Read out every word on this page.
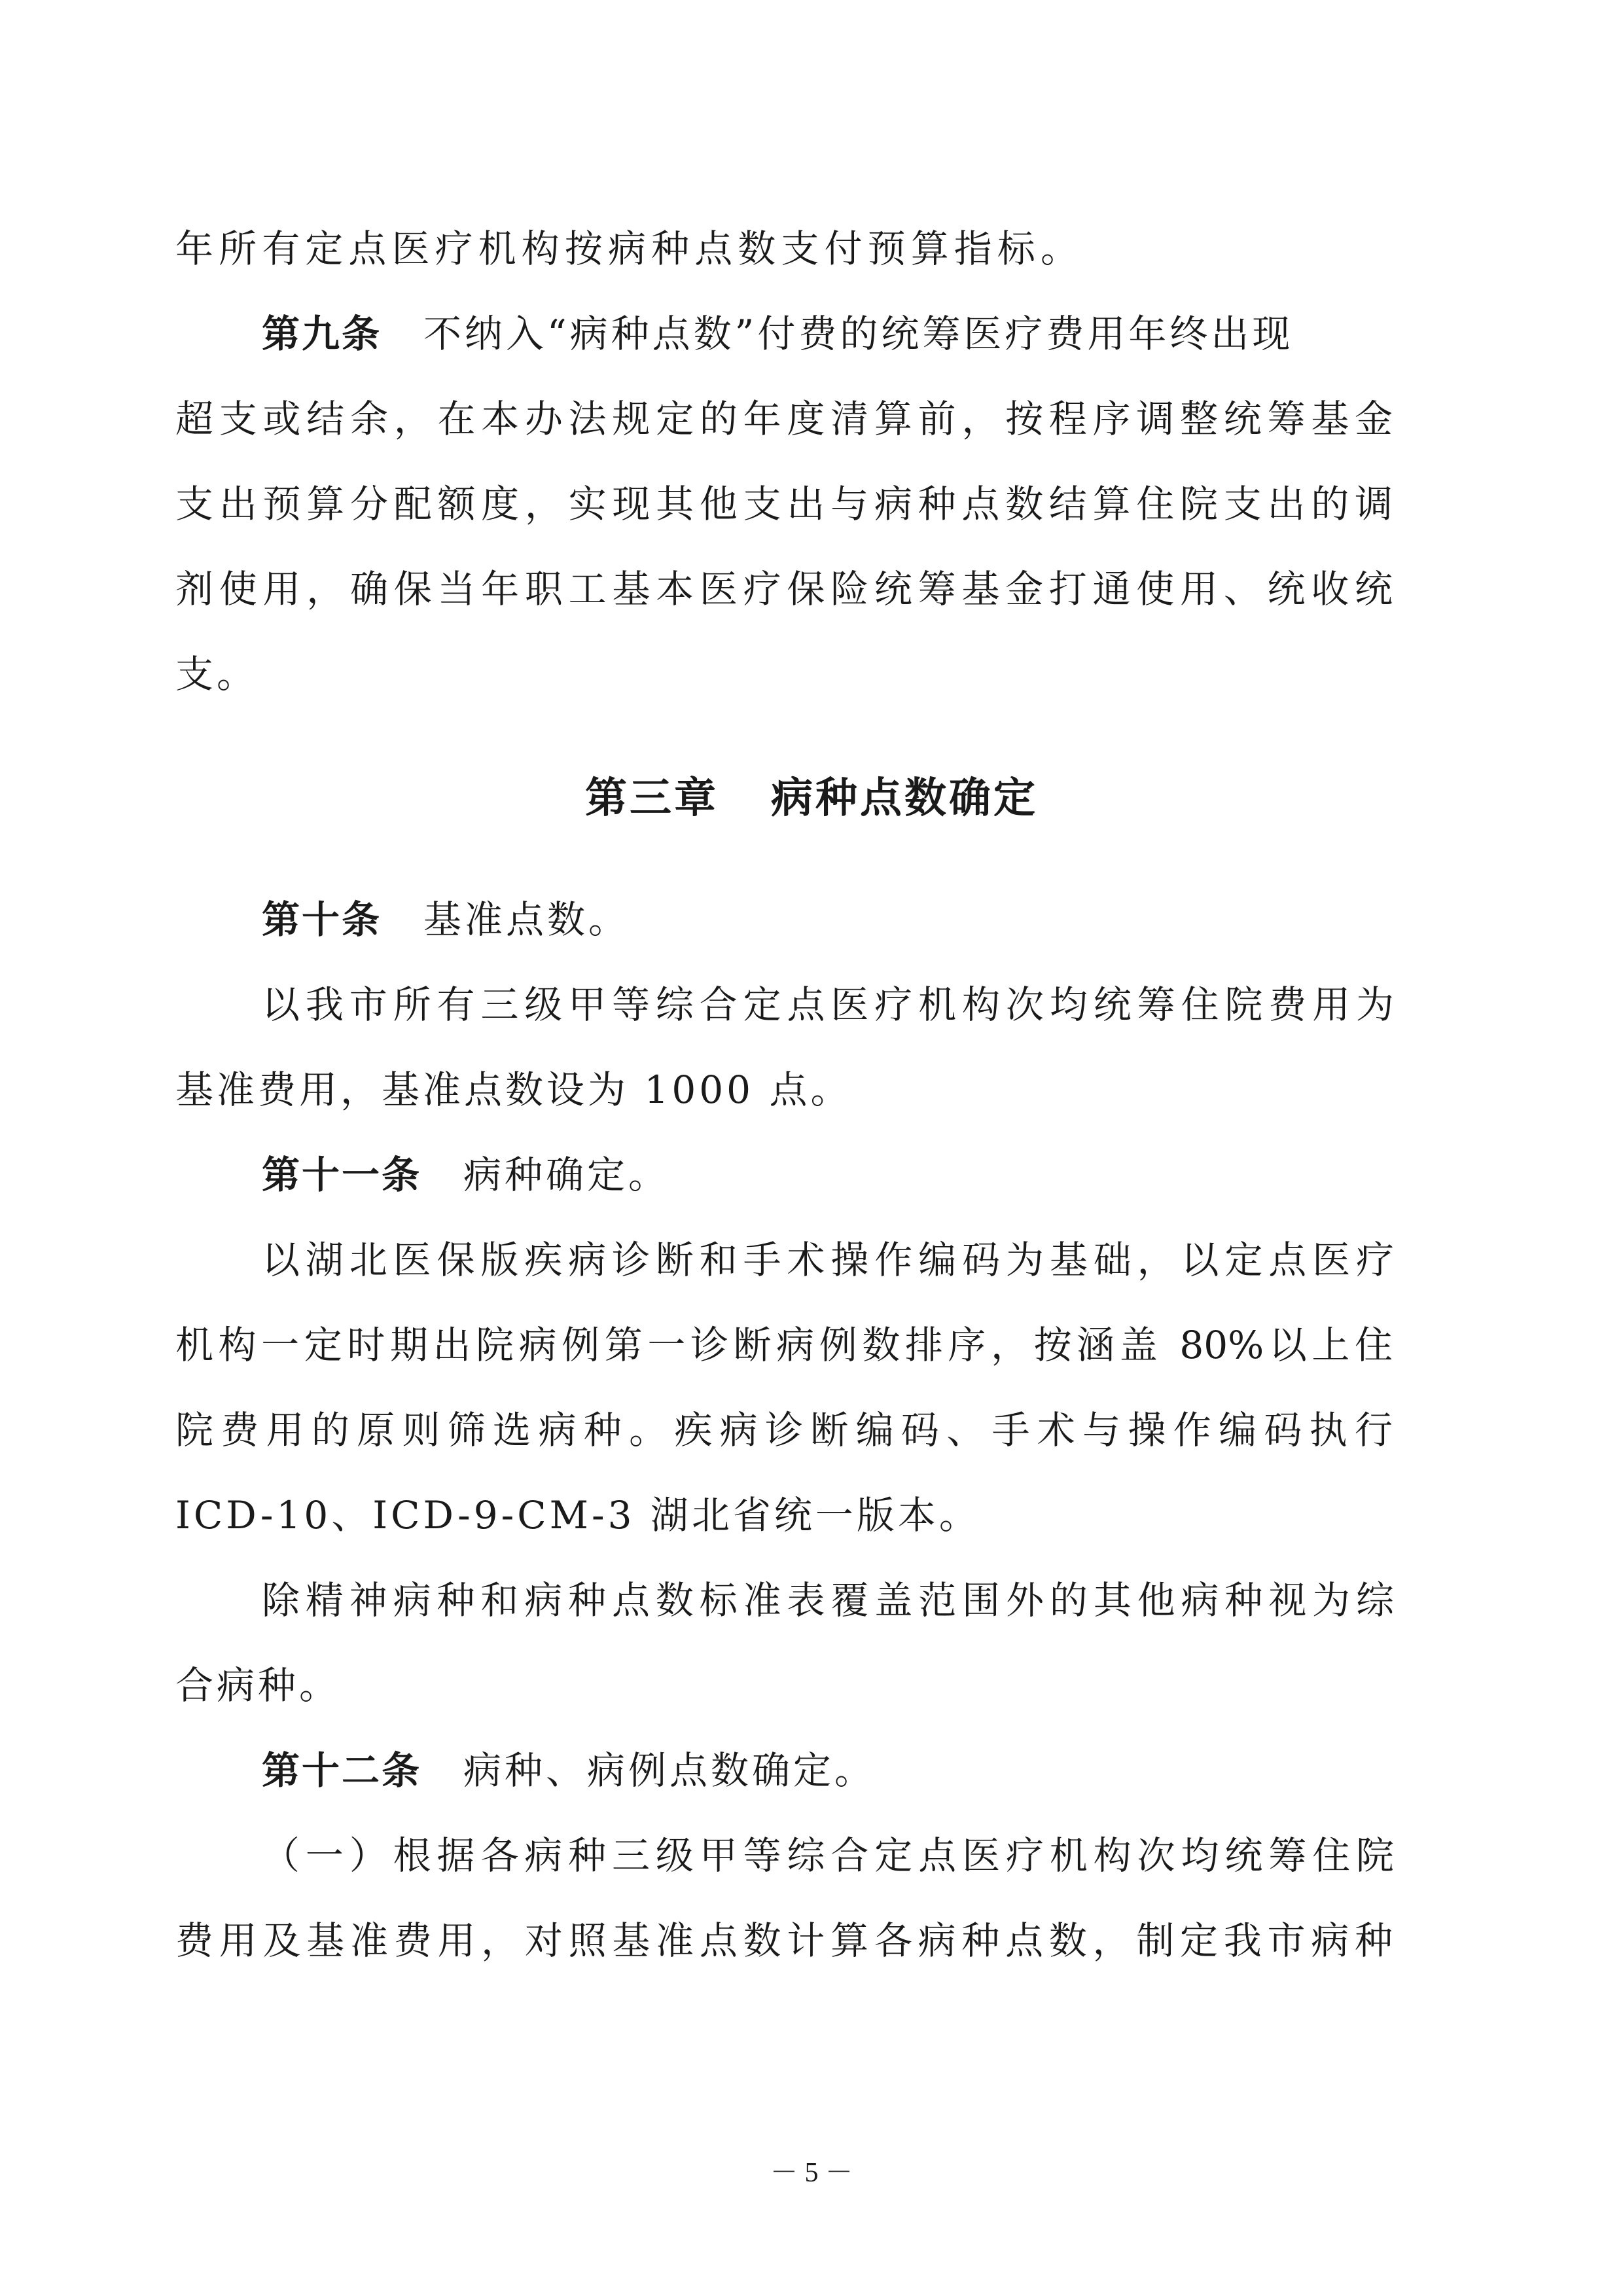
年所有定点医疗机构按病种点数支付预算指标。
第九条 不纳入“病种点数”付费的统筹医疗费用年终出现
超支或结余，在本办法规定的年度清算前，按程序调整统筹基金
支出预算分配额度，实现其他支出与病种点数结算住院支出的调
剂使用，确保当年职工基本医疗保险统筹基金打通使用、统收统
支。
第三章 病种点数确定
第十条 基准点数。
以我市所有三级甲等综合定点医疗机构次均统筹住院费用为
基准费用，基准点数设为 1000 点。
第十一条 病种确定。
以湖北医保版疾病诊断和手术操作编码为基础，以定点医疗
机构一定时期出院病例第一诊断病例数排序，按涵盖 80%以上住
院费用的原则筛选病种。疾病诊断编码、手术与操作编码执行
ICD-10、ICD-9-CM-3 湖北省统一版本。
除精神病种和病种点数标准表覆盖范围外的其他病种视为综
合病种。
第十二条 病种、病例点数确定。
（一）根据各病种三级甲等综合定点医疗机构次均统筹住院
费用及基准费用，对照基准点数计算各病种点数，制定我市病种
－ 5 －
